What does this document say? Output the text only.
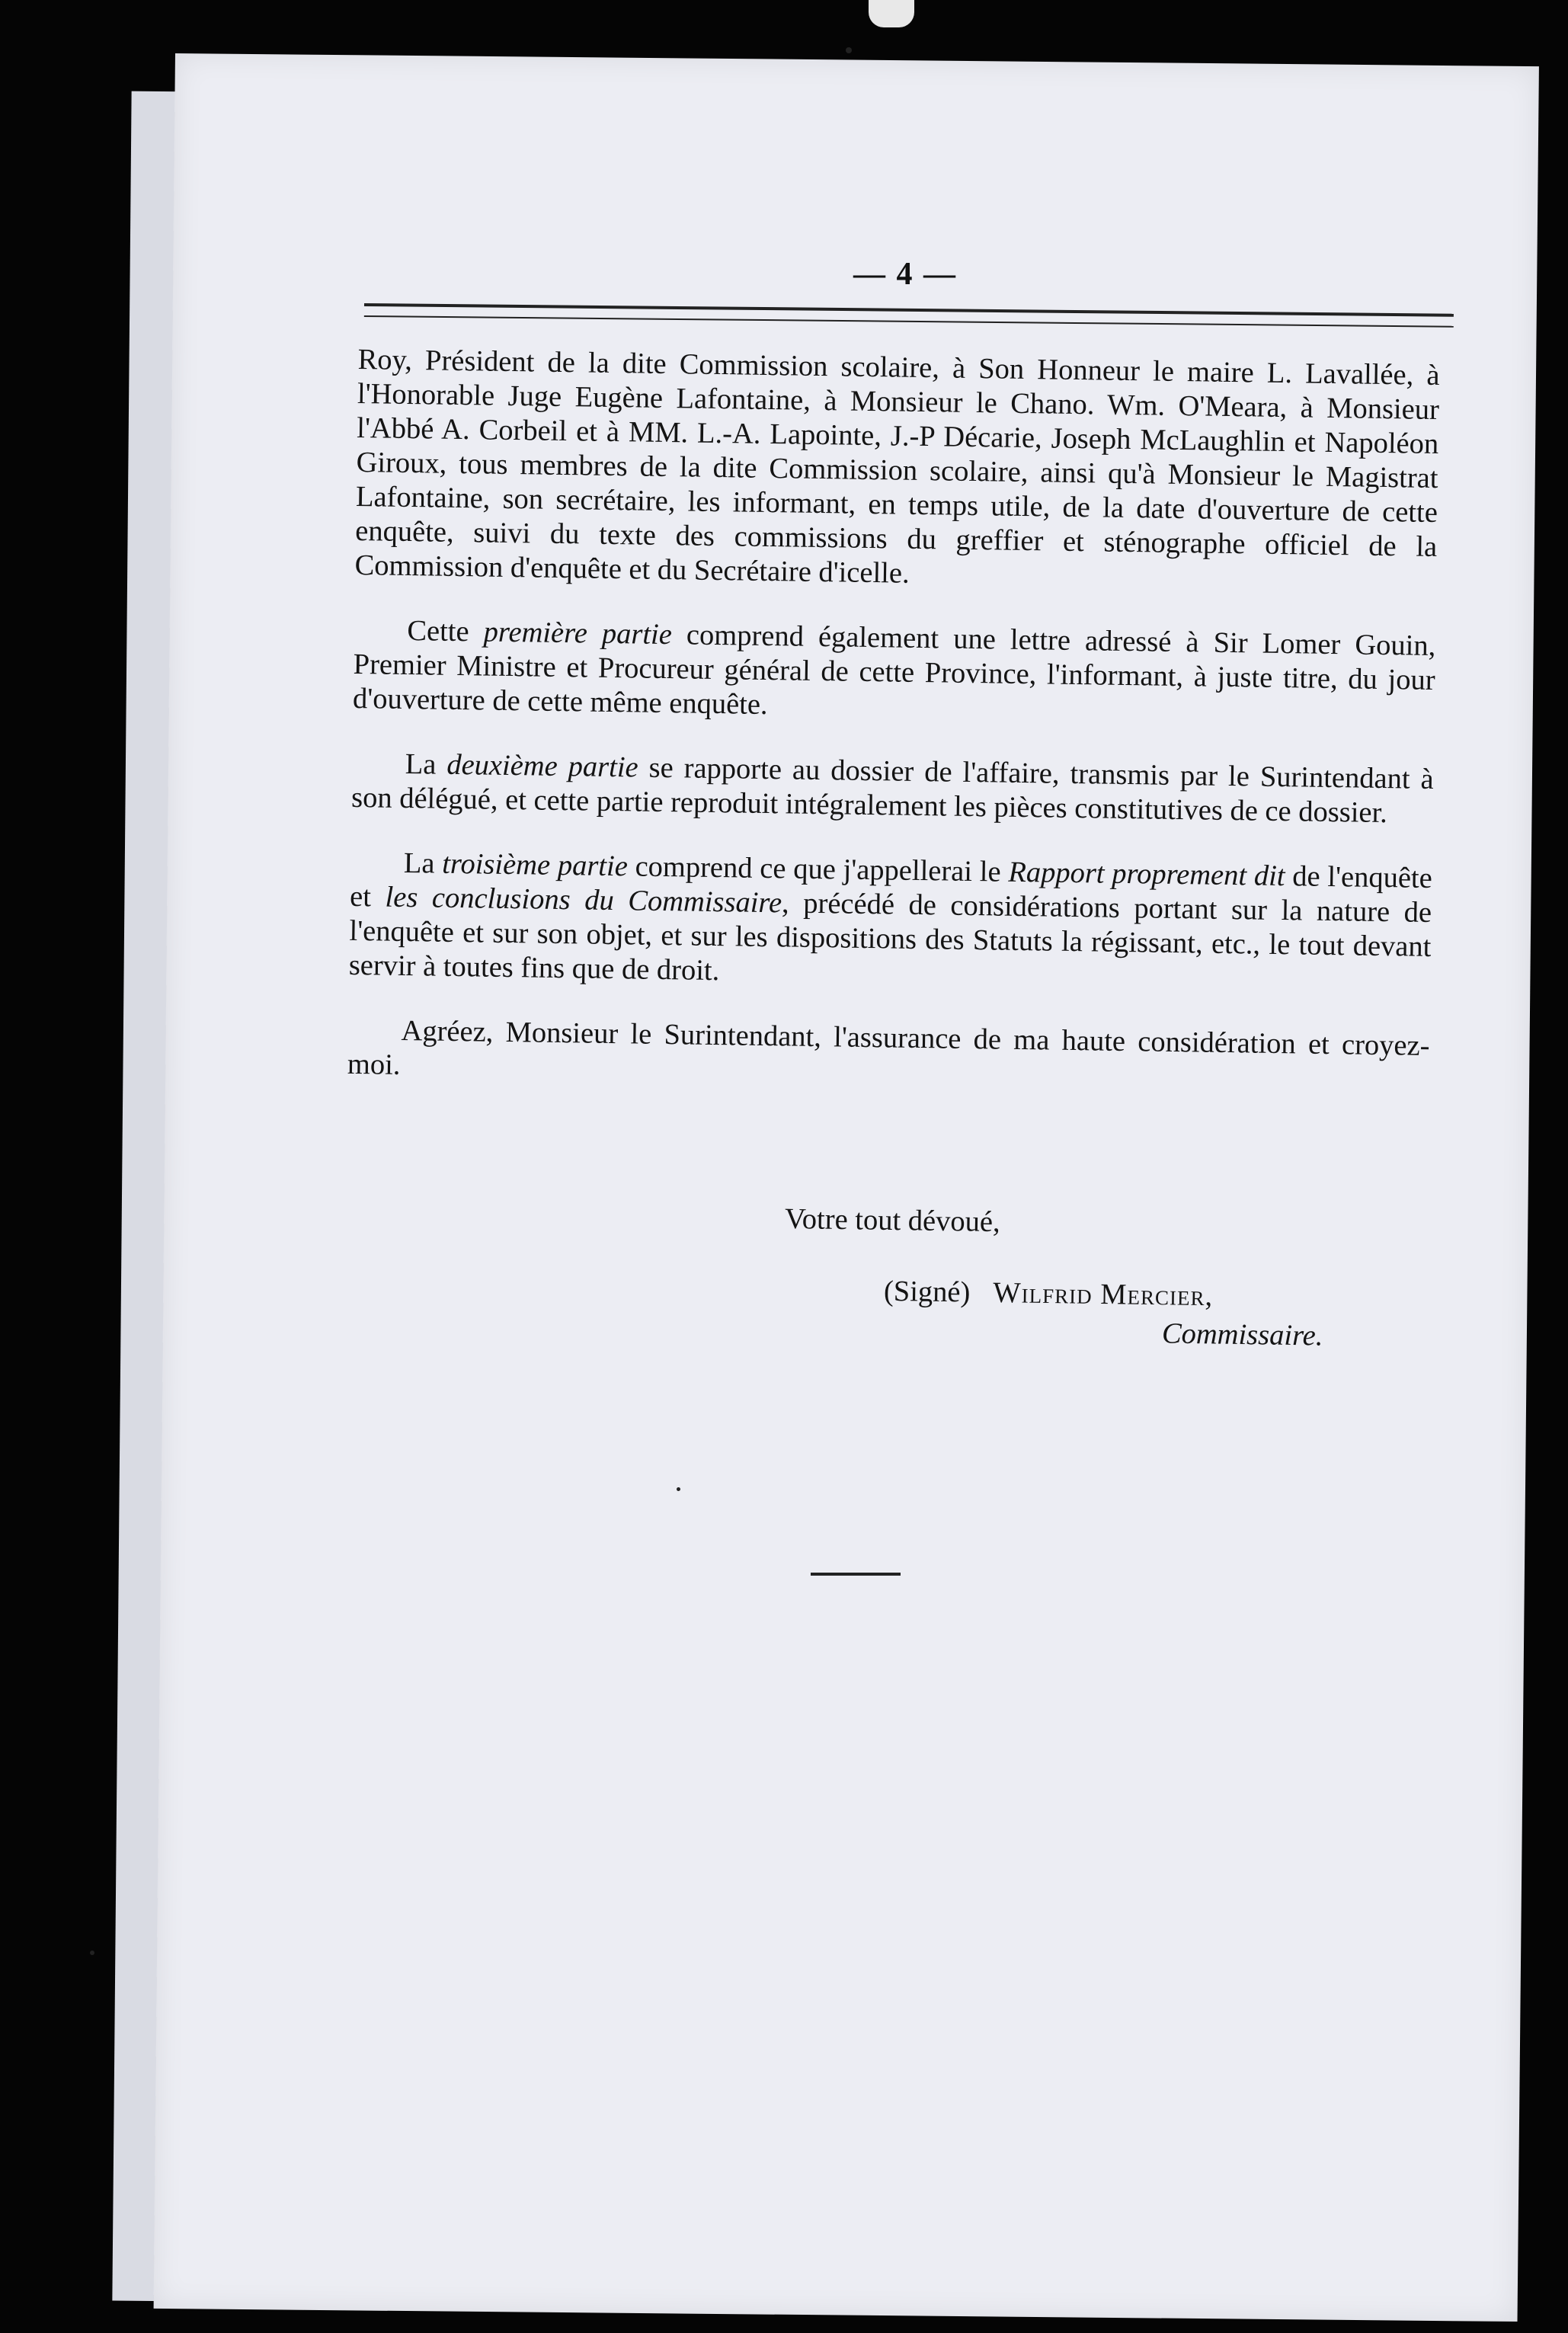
— 4 —

Roy, Président de la dite Commission scolaire, à Son Honneur le maire L. Lavallée, à l'Honorable Juge Eugène Lafontaine, à Monsieur le Chano. Wm. O'Meara, à Monsieur l'Abbé A. Corbeil et à MM. L.-A. Lapointe, J.-P Décarie, Joseph McLaughlin et Napoléon Giroux, tous membres de la dite Commission scolaire, ainsi qu'à Monsieur le Magistrat Lafontaine, son secrétaire, les informant, en temps utile, de la date d'ouverture de cette enquête, suivi du texte des commissions du greffier et sténographe officiel de la Commission d'enquête et du Secrétaire d'icelle.

Cette première partie comprend également une lettre adressé à Sir Lomer Gouin, Premier Ministre et Procureur général de cette Province, l'informant, à juste titre, du jour d'ouverture de cette même enquête.

La deuxième partie se rapporte au dossier de l'affaire, transmis par le Surintendant à son délégué, et cette partie reproduit intégralement les pièces constitutives de ce dossier.

La troisième partie comprend ce que j'appellerai le Rapport proprement dit de l'enquête et les conclusions du Commissaire, précédé de considérations portant sur la nature de l'enquête et sur son objet, et sur les dispositions des Statuts la régissant, etc., le tout devant servir à toutes fins que de droit.

Agréez, Monsieur le Surintendant, l'assurance de ma haute considération et croyez-moi.

Votre tout dévoué,
(Signé) Wilfrid Mercier,
Commissaire.
